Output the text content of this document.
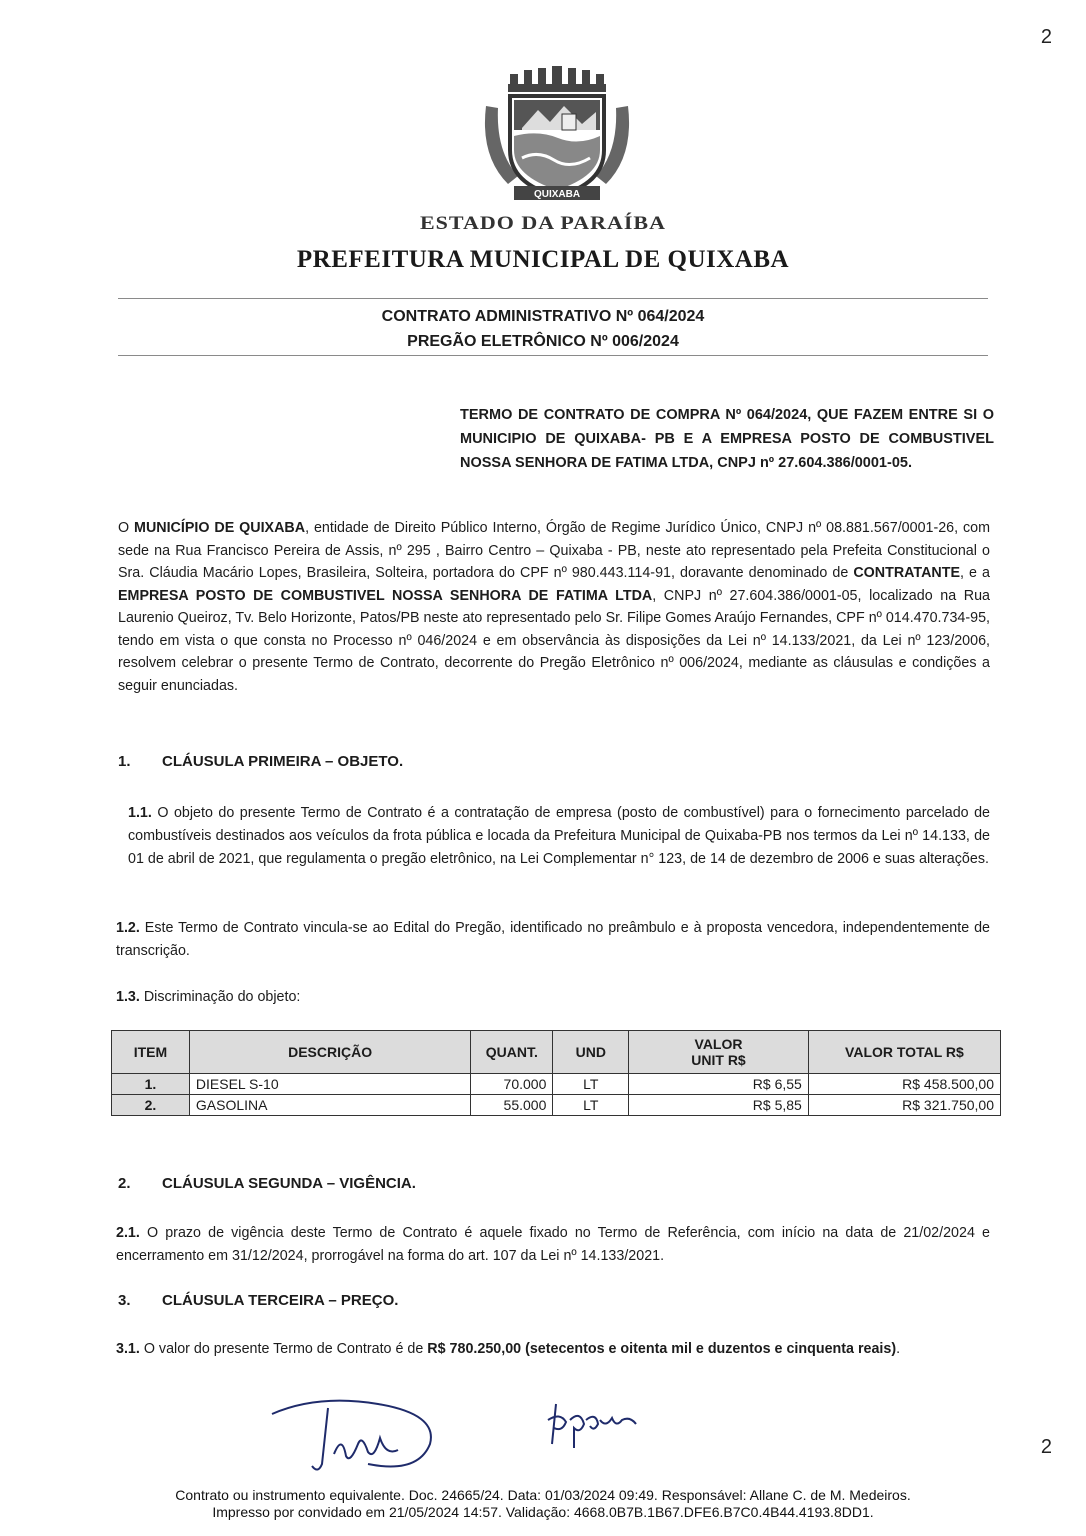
2
QUIXABA
ESTADO DA PARAÍBA
PREFEITURA MUNICIPAL DE QUIXABA
CONTRATO ADMINISTRATIVO Nº 064/2024
PREGÃO ELETRÔNICO Nº 006/2024
TERMO DE CONTRATO DE COMPRA Nº 064/2024, QUE FAZEM ENTRE SI O MUNICIPIO DE QUIXABA- PB E A EMPRESA POSTO DE COMBUSTIVEL NOSSA SENHORA DE FATIMA LTDA, CNPJ nº 27.604.386/0001-05.
O MUNICÍPIO DE QUIXABA, entidade de Direito Público Interno, Órgão de Regime Jurídico Único, CNPJ nº 08.881.567/0001-26, com sede na Rua Francisco Pereira de Assis, nº 295 , Bairro Centro – Quixaba - PB, neste ato representado pela Prefeita Constitucional o Sra. Cláudia Macário Lopes, Brasileira, Solteira, portadora do CPF nº 980.443.114-91, doravante denominado de CONTRATANTE, e a EMPRESA POSTO DE COMBUSTIVEL NOSSA SENHORA DE FATIMA LTDA, CNPJ nº 27.604.386/0001-05, localizado na Rua Laurenio Queiroz, Tv. Belo Horizonte, Patos/PB neste ato representado pelo Sr. Filipe Gomes Araújo Fernandes, CPF nº 014.470.734-95, tendo em vista o que consta no Processo nº 046/2024 e em observância às disposições da Lei nº 14.133/2021, da Lei nº 123/2006, resolvem celebrar o presente Termo de Contrato, decorrente do Pregão Eletrônico nº 006/2024, mediante as cláusulas e condições a seguir enunciadas.
1. CLÁUSULA PRIMEIRA – OBJETO.
1.1. O objeto do presente Termo de Contrato é a contratação de empresa (posto de combustível) para o fornecimento parcelado de combustíveis destinados aos veículos da frota pública e locada da Prefeitura Municipal de Quixaba-PB nos termos da Lei nº 14.133, de 01 de abril de 2021, que regulamenta o pregão eletrônico, na Lei Complementar n° 123, de 14 de dezembro de 2006 e suas alterações.
1.2. Este Termo de Contrato vincula-se ao Edital do Pregão, identificado no preâmbulo e à proposta vencedora, independentemente de transcrição.
1.3. Discriminação do objeto:
ITEM	DESCRIÇÃO	QUANT.	UND	VALOR
UNIT R$	VALOR TOTAL R$
1.	DIESEL S-10	70.000	LT	R$ 6,55	R$ 458.500,00
2.	GASOLINA	55.000	LT	R$ 5,85	R$ 321.750,00
2. CLÁUSULA SEGUNDA – VIGÊNCIA.
2.1. O prazo de vigência deste Termo de Contrato é aquele fixado no Termo de Referência, com início na data de 21/02/2024 e encerramento em 31/12/2024, prorrogável na forma do art. 107 da Lei nº 14.133/2021.
3. CLÁUSULA TERCEIRA – PREÇO.
3.1. O valor do presente Termo de Contrato é de R$ 780.250,00 (setecentos e oitenta mil e duzentos e cinquenta reais).
2
Contrato ou instrumento equivalente. Doc. 24665/24. Data: 01/03/2024 09:49. Responsável: Allane C. de M. Medeiros.
Impresso por convidado em 21/05/2024 14:57. Validação: 4668.0B7B.1B67.DFE6.B7C0.4B44.4193.8DD1.
